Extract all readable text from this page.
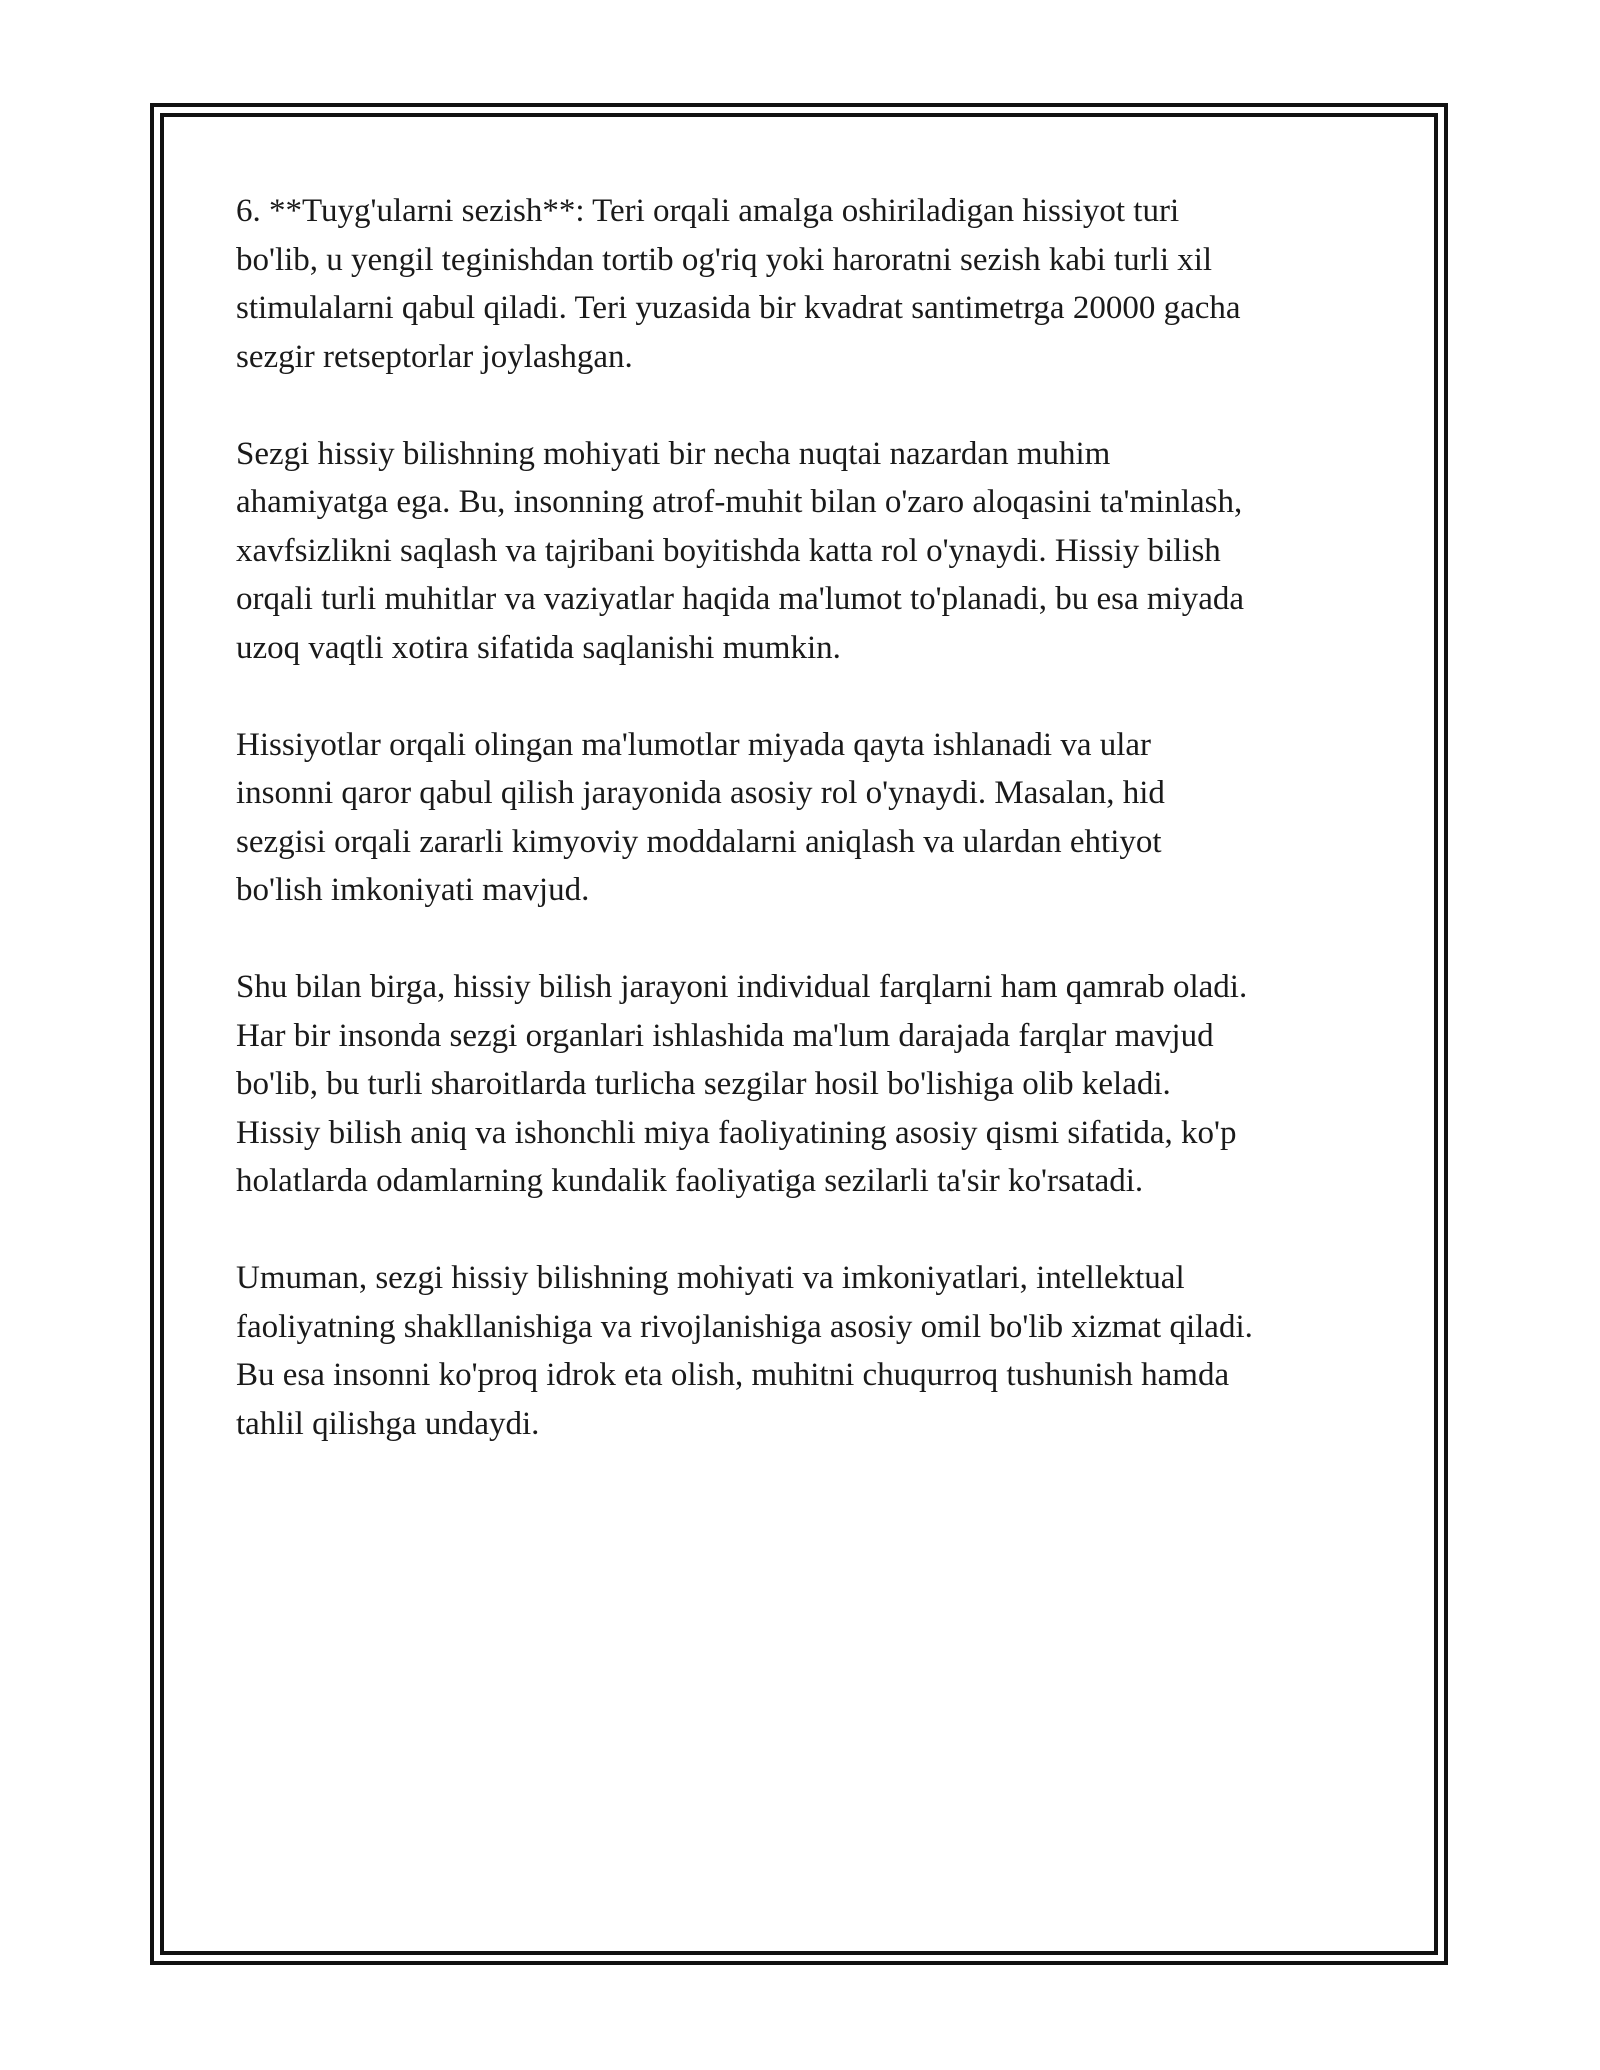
6. **Tuyg'ularni sezish**: Teri orqali amalga oshiriladigan hissiyot turi
bo'lib, u yengil teginishdan tortib og'riq yoki haroratni sezish kabi turli xil
stimulalarni qabul qiladi. Teri yuzasida bir kvadrat santimetrga 20000 gacha
sezgir retseptorlar joylashgan.

Sezgi hissiy bilishning mohiyati bir necha nuqtai nazardan muhim
ahamiyatga ega. Bu, insonning atrof-muhit bilan o'zaro aloqasini ta'minlash,
xavfsizlikni saqlash va tajribani boyitishda katta rol o'ynaydi. Hissiy bilish
orqali turli muhitlar va vaziyatlar haqida ma'lumot to'planadi, bu esa miyada
uzoq vaqtli xotira sifatida saqlanishi mumkin.

Hissiyotlar orqali olingan ma'lumotlar miyada qayta ishlanadi va ular
insonni qaror qabul qilish jarayonida asosiy rol o'ynaydi. Masalan, hid
sezgisi orqali zararli kimyoviy moddalarni aniqlash va ulardan ehtiyot
bo'lish imkoniyati mavjud.

Shu bilan birga, hissiy bilish jarayoni individual farqlarni ham qamrab oladi.
Har bir insonda sezgi organlari ishlashida ma'lum darajada farqlar mavjud
bo'lib, bu turli sharoitlarda turlicha sezgilar hosil bo'lishiga olib keladi.
Hissiy bilish aniq va ishonchli miya faoliyatining asosiy qismi sifatida, ko'p
holatlarda odamlarning kundalik faoliyatiga sezilarli ta'sir ko'rsatadi.

Umuman, sezgi hissiy bilishning mohiyati va imkoniyatlari, intellektual
faoliyatning shakllanishiga va rivojlanishiga asosiy omil bo'lib xizmat qiladi.
Bu esa insonni ko'proq idrok eta olish, muhitni chuqurroq tushunish hamda
tahlil qilishga undaydi.
